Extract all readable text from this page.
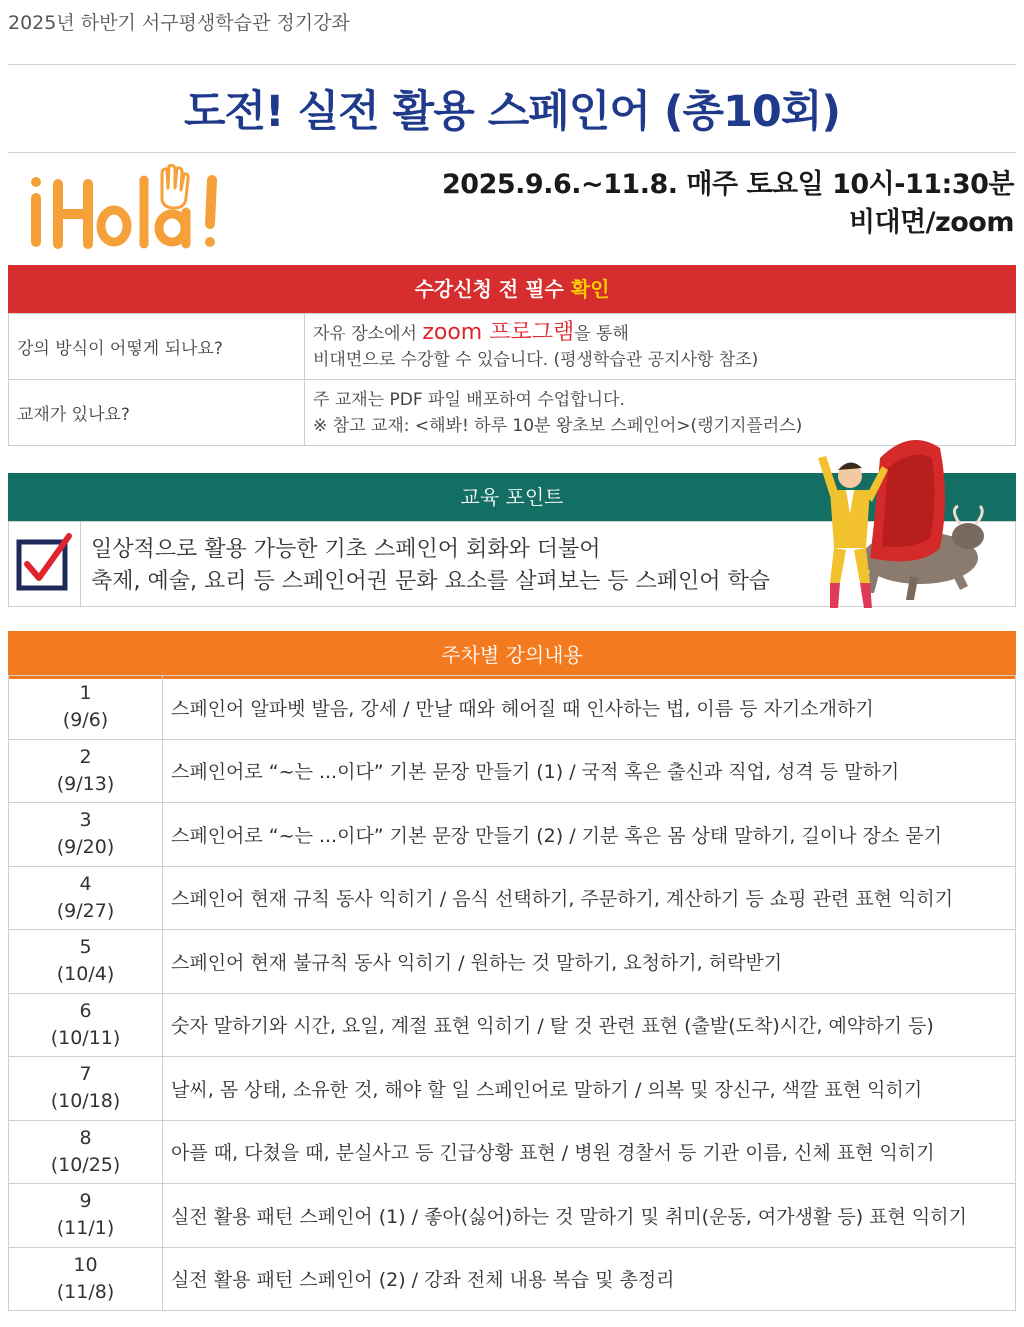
2025년 하반기 서구평생학습관 정기강좌
도전! 실전 활용 스페인어 (총10회)
2025.9.6.~11.8. 매주 토요일 10시-11:30분
비대면/zoom
수강신청 전 필수 확인
강의 방식이 어떻게 되나요?	자유 장소에서 zoom 프로그램을 통해
비대면으로 수강할 수 있습니다. (평생학습관 공지사항 참조)

교재가 있나요?	주 교재는 PDF 파일 배포하여 수업합니다.
※ 참고 교재: <해봐! 하루 10분 왕초보 스페인어>(랭기지플러스)
교육 포인트
일상적으로 활용 가능한 기초 스페인어 회화와 더불어
축제, 예술, 요리 등 스페인어권 문화 요소를 살펴보는 등 스페인어 학습
주차별 강의내용
1
(9/6)	스페인어 알파벳 발음, 강세 / 만날 때와 헤어질 때 인사하는 법, 이름 등 자기소개하기

2
(9/13)	스페인어로 “~는 ...이다” 기본 문장 만들기 (1) / 국적 혹은 출신과 직업, 성격 등 말하기

3
(9/20)	스페인어로 “~는 ...이다” 기본 문장 만들기 (2) / 기분 혹은 몸 상태 말하기, 길이나 장소 묻기

4
(9/27)	스페인어 현재 규칙 동사 익히기 / 음식 선택하기, 주문하기, 계산하기 등 쇼핑 관련 표현 익히기

5
(10/4)	스페인어 현재 불규칙 동사 익히기 / 원하는 것 말하기, 요청하기, 허락받기

6
(10/11)	숫자 말하기와 시간, 요일, 계절 표현 익히기 / 탈 것 관련 표현 (출발(도착)시간, 예약하기 등)

7
(10/18)	날씨, 몸 상태, 소유한 것, 해야 할 일 스페인어로 말하기 / 의복 및 장신구, 색깔 표현 익히기

8
(10/25)	아플 때, 다쳤을 때, 분실사고 등 긴급상황 표현 / 병원 경찰서 등 기관 이름, 신체 표현 익히기

9
(11/1)	실전 활용 패턴 스페인어 (1) / 좋아(싫어)하는 것 말하기 및 취미(운동, 여가생활 등) 표현 익히기

10
(11/8)	실전 활용 패턴 스페인어 (2) / 강좌 전체 내용 복습 및 총정리
